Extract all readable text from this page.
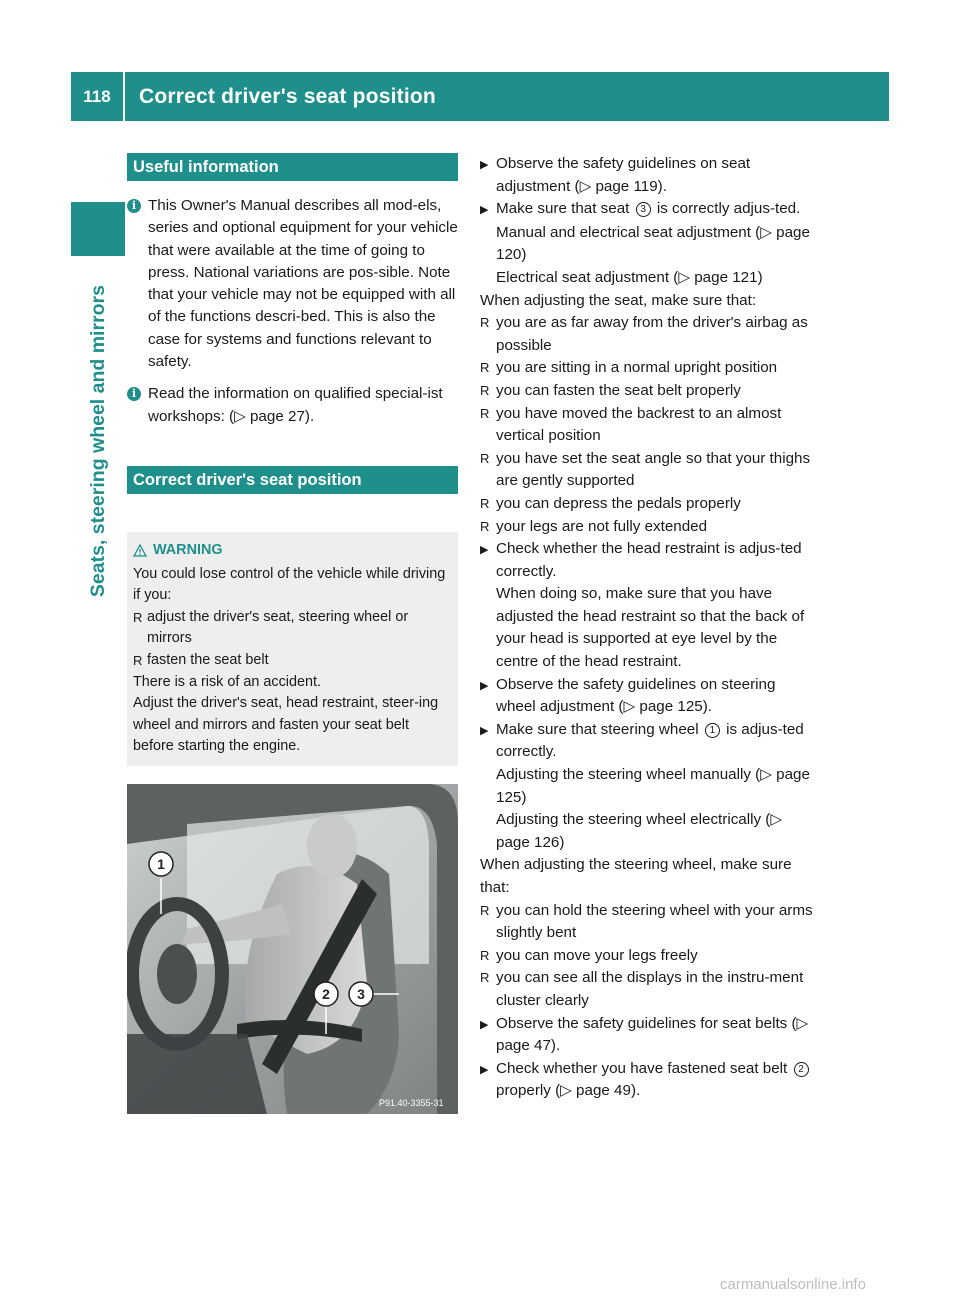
118	Correct driver's seat position
Seats, steering wheel and mirrors
Useful information
i This Owner's Manual describes all mod-els, series and optional equipment for your vehicle that were available at the time of going to press. National variations are pos-sible. Note that your vehicle may not be equipped with all of the functions descri-bed. This is also the case for systems and functions relevant to safety.
i Read the information on qualified special-ist workshops: (▷ page 27).
Correct driver's seat position
WARNING
You could lose control of the vehicle while driving if you:
R adjust the driver's seat, steering wheel or mirrors
R fasten the seat belt
There is a risk of an accident.
Adjust the driver's seat, head restraint, steer-ing wheel and mirrors and fasten your seat belt before starting the engine.
1
2 3
P91.40-3355-31
▶ Observe the safety guidelines on seat adjustment (▷ page 119).
▶ Make sure that seat 3 is correctly adjus-ted.
Manual and electrical seat adjustment (▷ page 120)
Electrical seat adjustment (▷ page 121)
When adjusting the seat, make sure that:
R you are as far away from the driver's airbag as possible
R you are sitting in a normal upright position
R you can fasten the seat belt properly
R you have moved the backrest to an almost vertical position
R you have set the seat angle so that your thighs are gently supported
R you can depress the pedals properly
R your legs are not fully extended
▶ Check whether the head restraint is adjus-ted correctly.
When doing so, make sure that you have adjusted the head restraint so that the back of your head is supported at eye level by the centre of the head restraint.
▶ Observe the safety guidelines on steering wheel adjustment (▷ page 125).
▶ Make sure that steering wheel 1 is adjus-ted correctly.
Adjusting the steering wheel manually (▷ page 125)
Adjusting the steering wheel electrically (▷ page 126)
When adjusting the steering wheel, make sure that:
R you can hold the steering wheel with your arms slightly bent
R you can move your legs freely
R you can see all the displays in the instru-ment cluster clearly
▶ Observe the safety guidelines for seat belts (▷ page 47).
▶ Check whether you have fastened seat belt 2 properly (▷ page 49).
carmanualsonline.info
